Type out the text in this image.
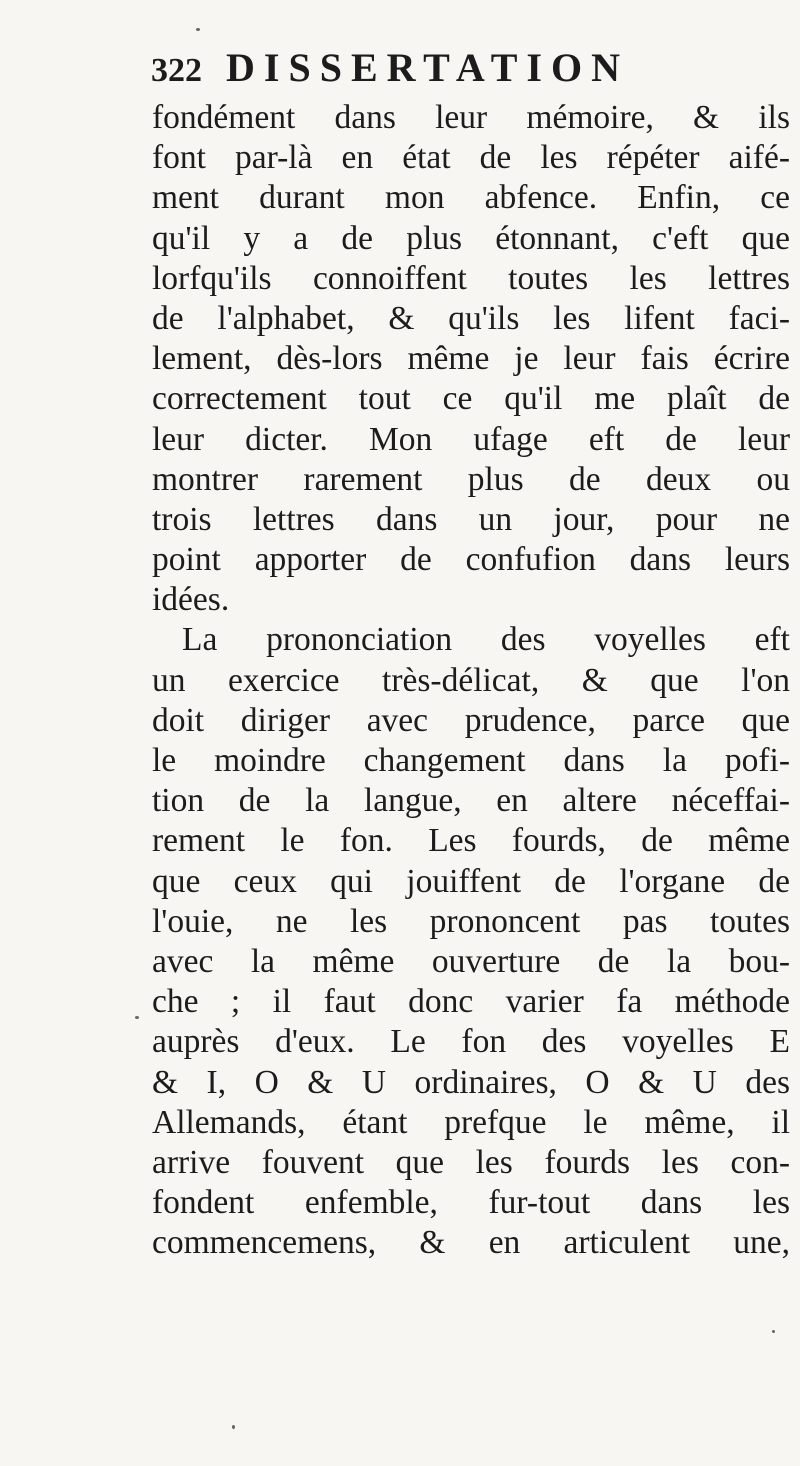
322 DISSERTATION
fondément dans leur mémoire, & ils
font par-là en état de les répéter aifé-
ment durant mon abfence. Enfin, ce
qu'il y a de plus étonnant, c'eft que
lorfqu'ils connoiffent toutes les lettres
de l'alphabet, & qu'ils les lifent faci-
lement, dès-lors même je leur fais écrire
correctement tout ce qu'il me plaît de
leur dicter. Mon ufage eft de leur
montrer rarement plus de deux ou
trois lettres dans un jour, pour ne
point apporter de confufion dans leurs
idées.
La prononciation des voyelles eft
un exercice très-délicat, & que l'on
doit diriger avec prudence, parce que
le moindre changement dans la pofi-
tion de la langue, en altere néceffai-
rement le fon. Les fourds, de même
que ceux qui jouiffent de l'organe de
l'ouie, ne les prononcent pas toutes
avec la même ouverture de la bou-
che ; il faut donc varier fa méthode
auprès d'eux. Le fon des voyelles E
& I, O & U ordinaires, O & U des
Allemands, étant prefque le même, il
arrive fouvent que les fourds les con-
fondent enfemble, fur-tout dans les
commencemens, & en articulent une,
